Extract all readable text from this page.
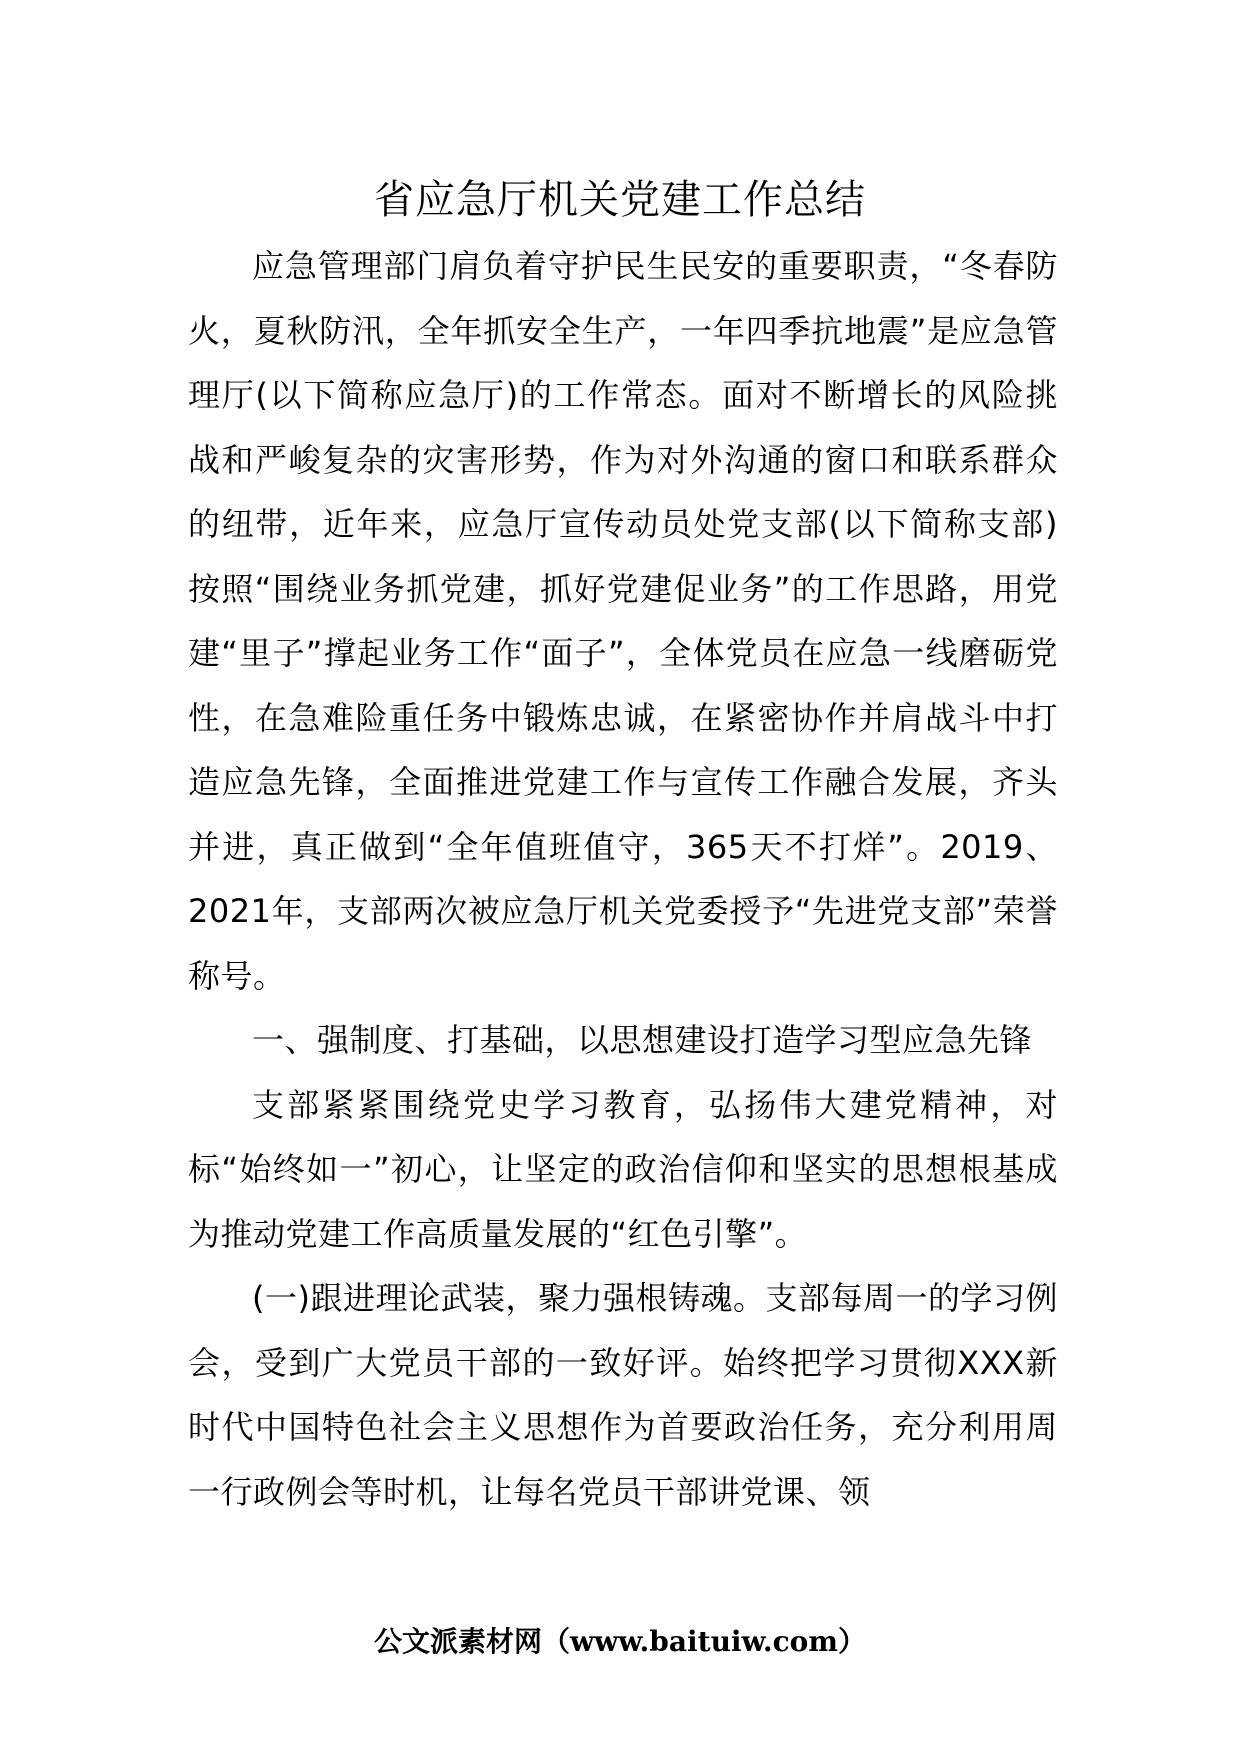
省应急厅机关党建工作总结

应急管理部门肩负着守护民生民安的重要职责，“冬春防火，夏秋防汛，全年抓安全生产，一年四季抗地震”是应急管理厅(以下简称应急厅)的工作常态。面对不断增长的风险挑战和严峻复杂的灾害形势，作为对外沟通的窗口和联系群众的纽带，近年来，应急厅宣传动员处党支部(以下简称支部)按照“围绕业务抓党建，抓好党建促业务”的工作思路，用党建“里子”撑起业务工作“面子”，全体党员在应急一线磨砺党性，在急难险重任务中锻炼忠诚，在紧密协作并肩战斗中打造应急先锋，全面推进党建工作与宣传工作融合发展，齐头并进，真正做到“全年值班值守，365天不打烊”。2019、2021年，支部两次被应急厅机关党委授予“先进党支部”荣誉称号。

一、强制度、打基础，以思想建设打造学习型应急先锋

支部紧紧围绕党史学习教育，弘扬伟大建党精神，对标“始终如一”初心，让坚定的政治信仰和坚实的思想根基成为推动党建工作高质量发展的“红色引擎”。

(一)跟进理论武装，聚力强根铸魂。支部每周一的学习例会，受到广大党员干部的一致好评。始终把学习贯彻XXX新时代中国特色社会主义思想作为首要政治任务，充分利用周一行政例会等时机，让每名党员干部讲党课、领

公文派素材网（www.baituiw.com）
